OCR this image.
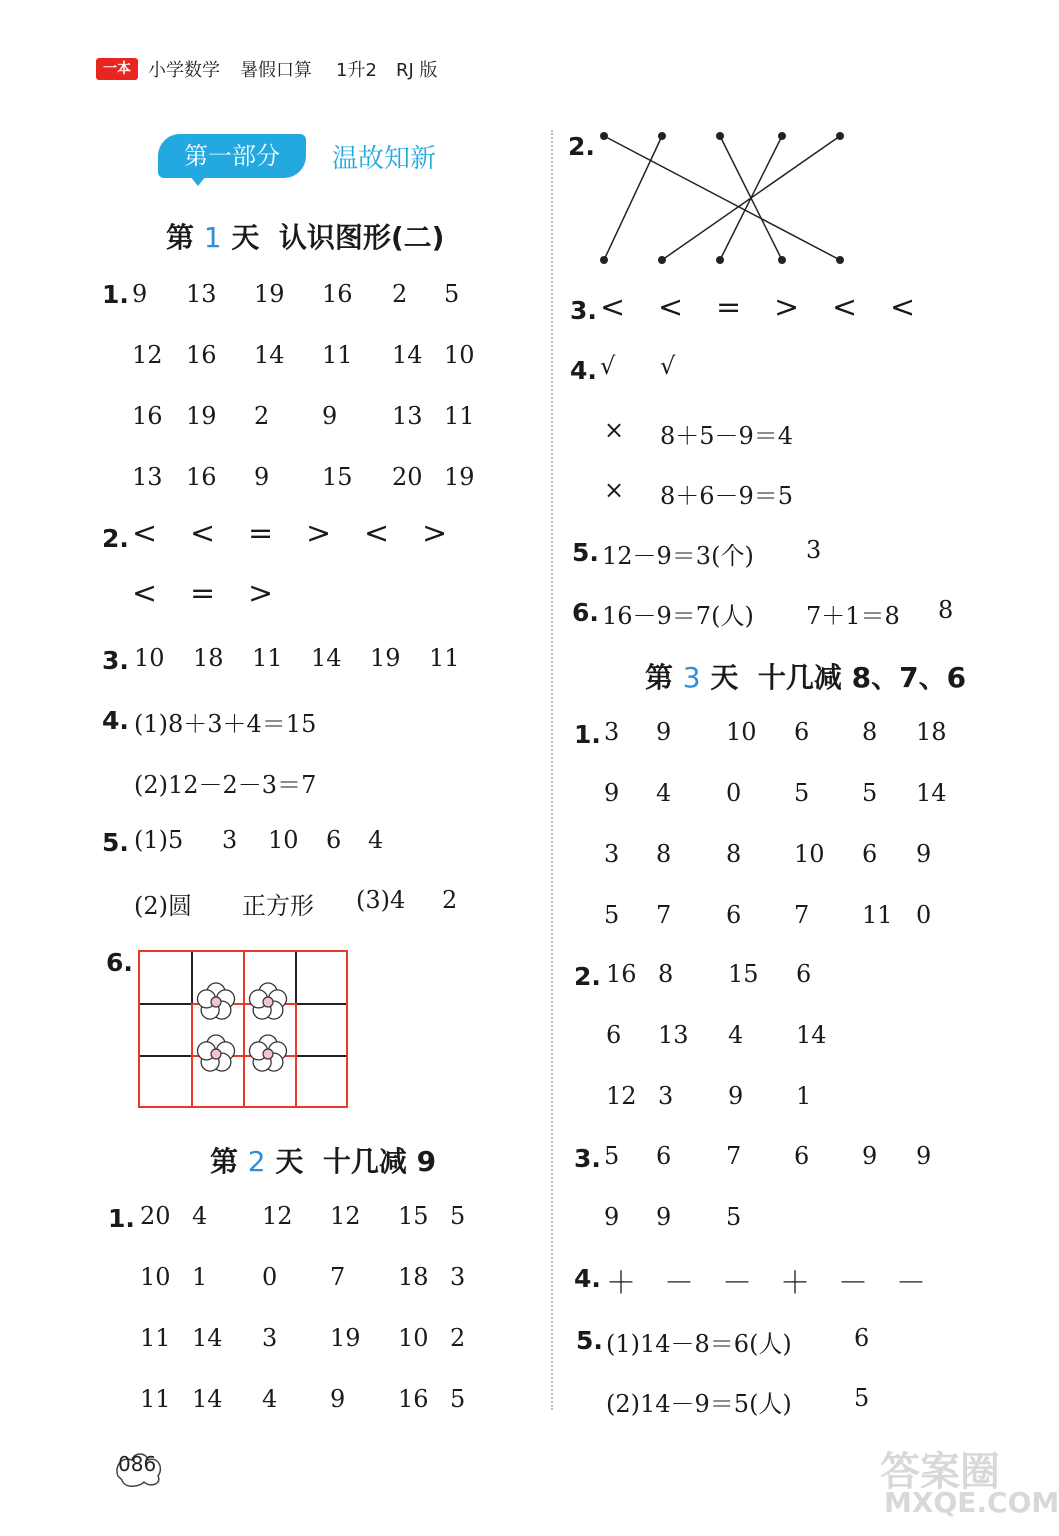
一本 小学数学 暑假口算 1升2 RJ 版
第一部分	温故知新
第 1 天 认识图形(二)
1. 9 13 19 16 2 5
12 16 14 11 14 10
16 19 2 9 13 11
13 16 9 15 20 19
2. < < = > < >
< = >
3. 10 18 11 14 19 11
4. (1)8＋3＋4＝15
(2)12－2－3＝7
5. (1)5 3 10 6 4
(2)圆 正方形 (3)4 2
1. 20 4 12 12 15 5
10 1 0 7 18 3
11 14 3 19 10 2
11 14 4 9 16 5
6.
第 2 天 十几减 9
2.
第 3 天 十几减 8、7、6
3. < < = > < <
4. √ √
× 8＋5－9＝4
× 8＋6－9＝5
5. 12－9＝3(个) 3
6. 16－9＝7(人) 7＋1＝8 8
1. 3 9 10 6 8 18
9 4 0 5 5 14
3 8 8 10 6 9
5 7 6 7 11 0
2. 16 8 15 6
6 13 4 14
12 3 9 1
3. 5 6 7 6 9 9
9 9 5
4. ＋ － － ＋ － －
5. (1)14－8＝6(人)	6
(2)14－9＝5(人)	5
086	答案圈
MXQE.COM
